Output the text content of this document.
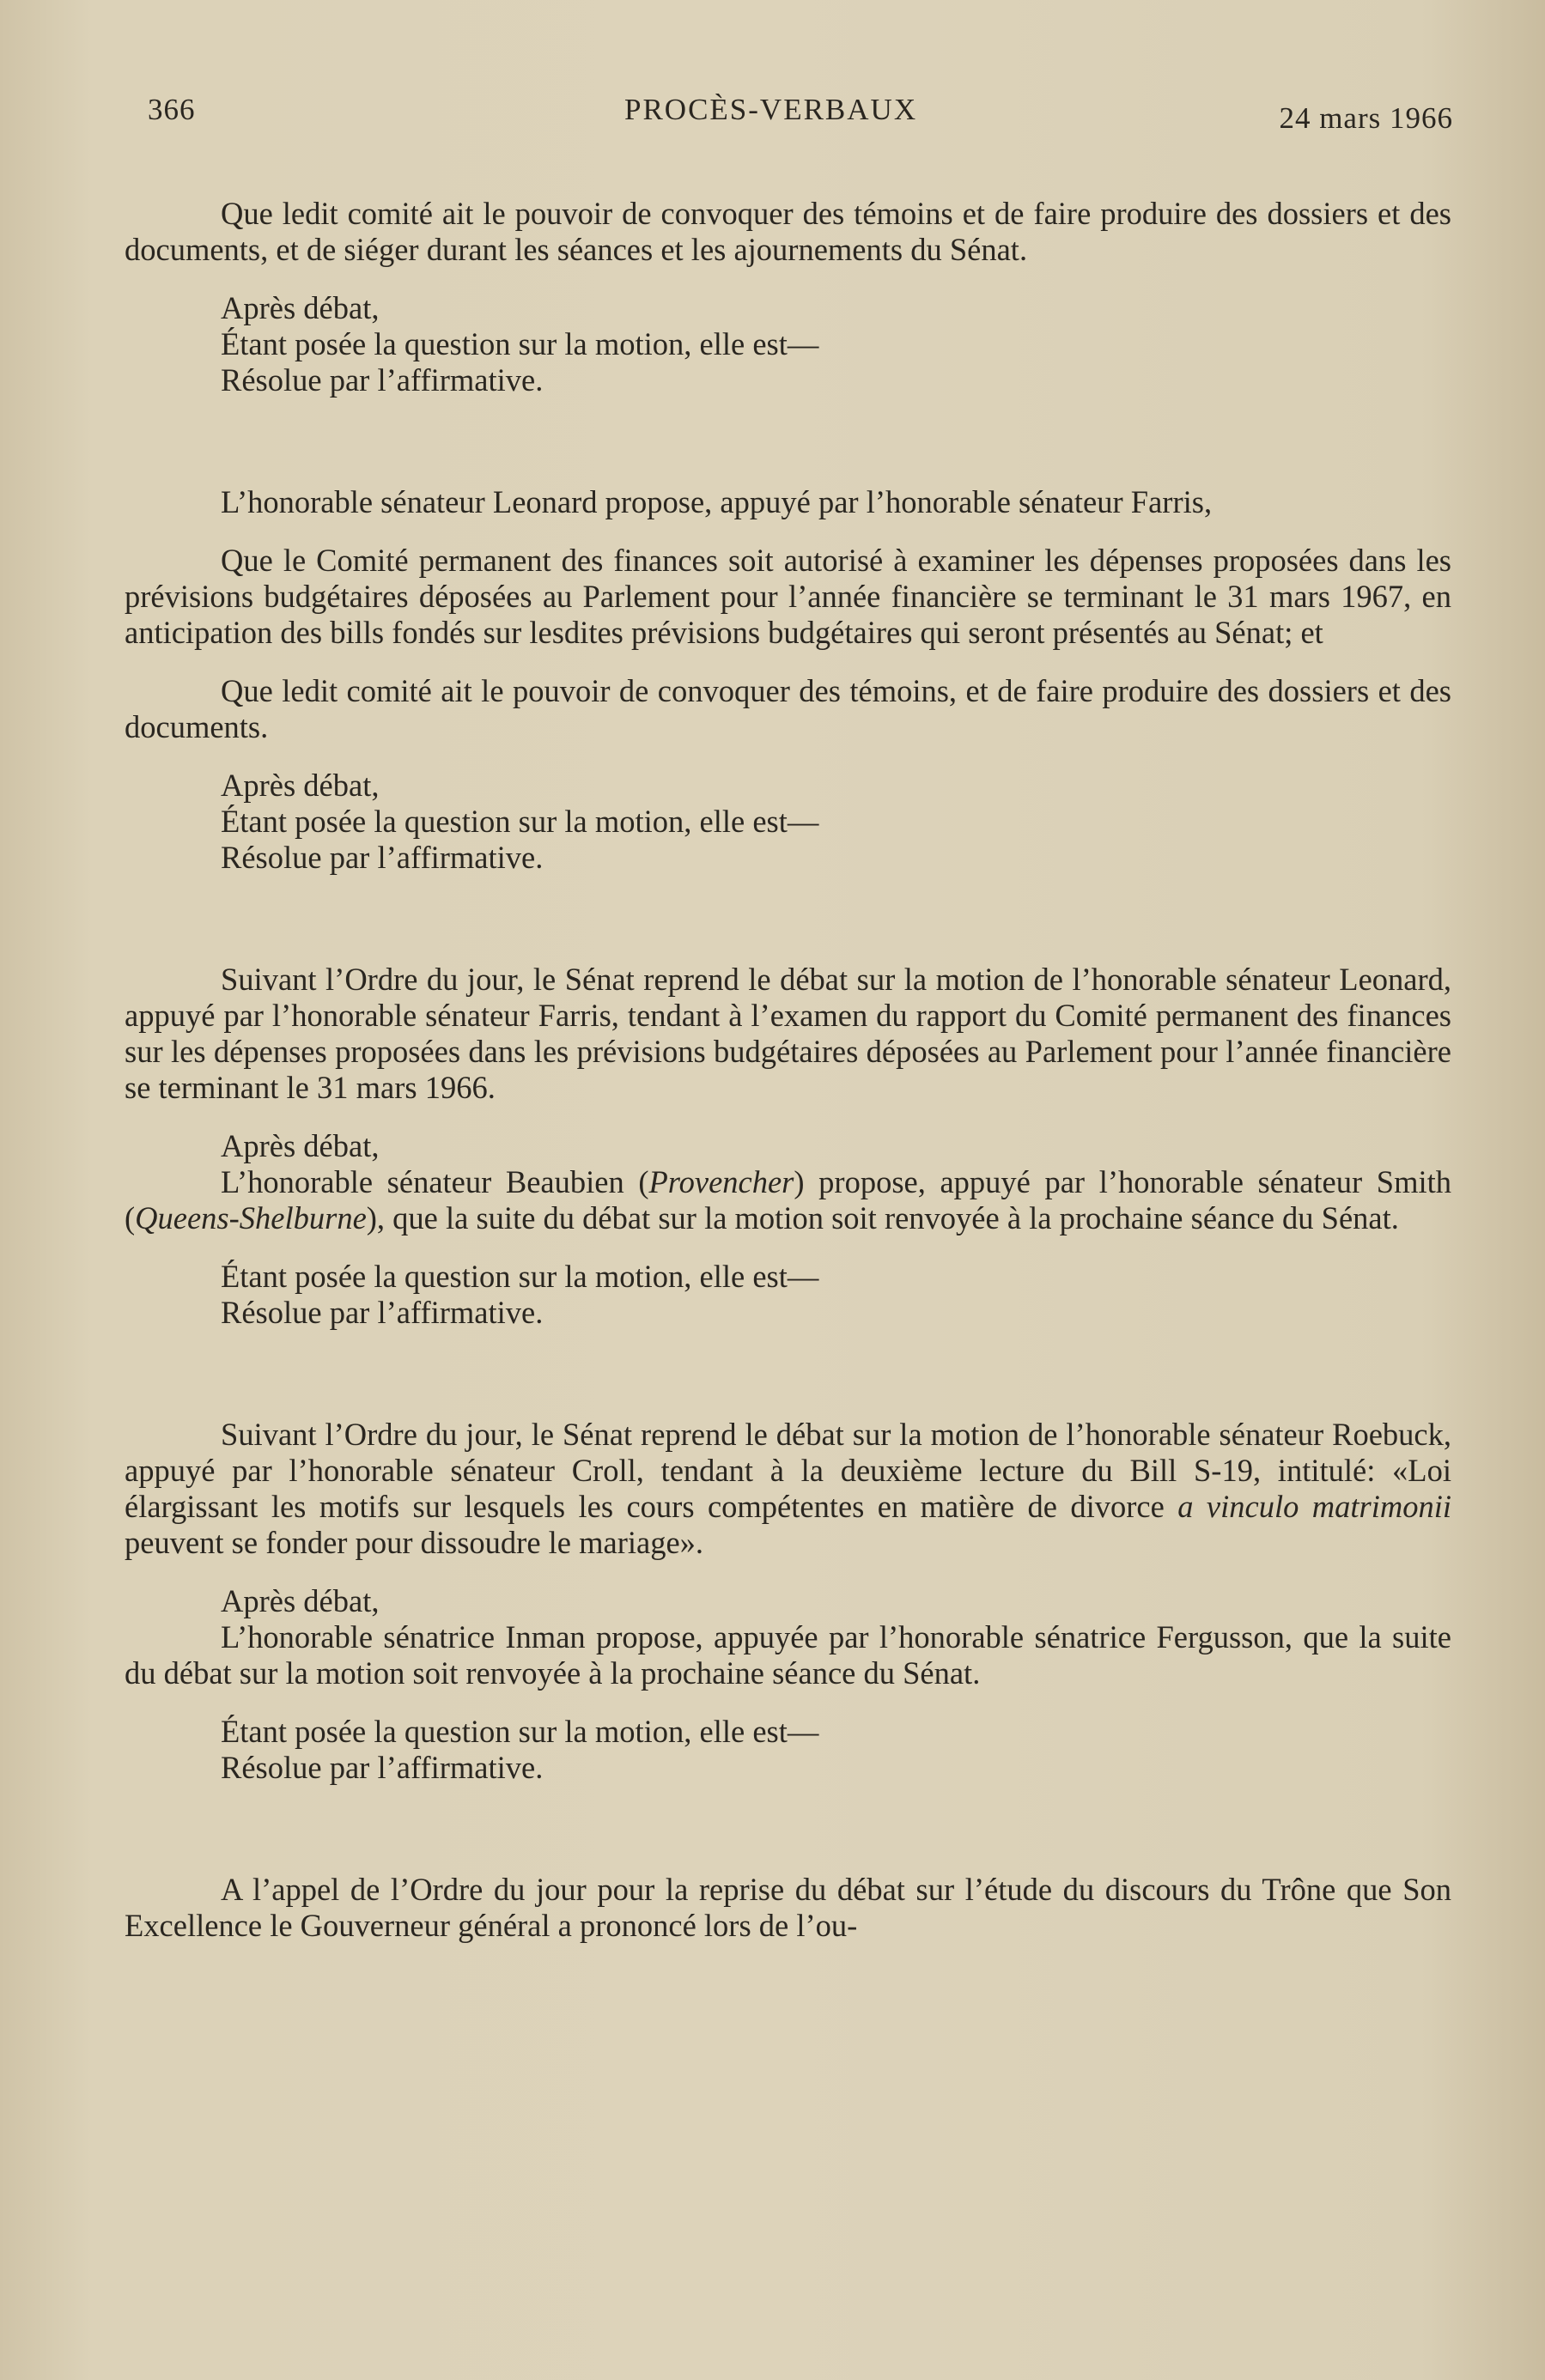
366	PROCÈS-VERBAUX	24 mars 1966

Que ledit comité ait le pouvoir de convoquer des témoins et de faire produire des dossiers et des documents, et de siéger durant les séances et les ajournements du Sénat.

Après débat,

Étant posée la question sur la motion, elle est—

Résolue par l’affirmative.

L’honorable sénateur Leonard propose, appuyé par l’honorable sénateur Farris,

Que le Comité permanent des finances soit autorisé à examiner les dépenses proposées dans les prévisions budgétaires déposées au Parlement pour l’année financière se terminant le 31 mars 1967, en anticipation des bills fondés sur lesdites prévisions budgétaires qui seront présentés au Sénat; et

Que ledit comité ait le pouvoir de convoquer des témoins, et de faire produire des dossiers et des documents.

Après débat,

Étant posée la question sur la motion, elle est—

Résolue par l’affirmative.

Suivant l’Ordre du jour, le Sénat reprend le débat sur la motion de l’honorable sénateur Leonard, appuyé par l’honorable sénateur Farris, tendant à l’examen du rapport du Comité permanent des finances sur les dépenses proposées dans les prévisions budgétaires déposées au Parlement pour l’année financière se terminant le 31 mars 1966.

Après débat,

L’honorable sénateur Beaubien (Provencher) propose, appuyé par l’honorable sénateur Smith (Queens-Shelburne), que la suite du débat sur la motion soit renvoyée à la prochaine séance du Sénat.

Étant posée la question sur la motion, elle est—

Résolue par l’affirmative.

Suivant l’Ordre du jour, le Sénat reprend le débat sur la motion de l’honorable sénateur Roebuck, appuyé par l’honorable sénateur Croll, tendant à la deuxième lecture du Bill S-19, intitulé: «Loi élargissant les motifs sur lesquels les cours compétentes en matière de divorce a vinculo matrimonii peuvent se fonder pour dissoudre le mariage».

Après débat,

L’honorable sénatrice Inman propose, appuyée par l’honorable sénatrice Fergusson, que la suite du débat sur la motion soit renvoyée à la prochaine séance du Sénat.

Étant posée la question sur la motion, elle est—

Résolue par l’affirmative.

A l’appel de l’Ordre du jour pour la reprise du débat sur l’étude du discours du Trône que Son Excellence le Gouverneur général a prononcé lors de l’ou-
